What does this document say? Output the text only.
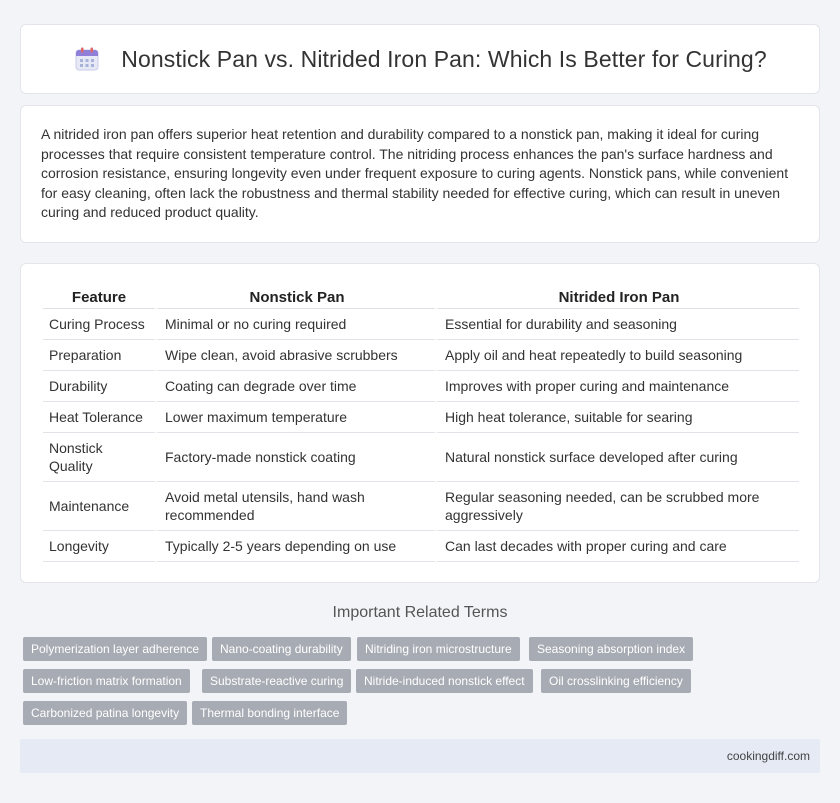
Nonstick Pan vs. Nitrided Iron Pan: Which Is Better for Curing?

A nitrided iron pan offers superior heat retention and durability compared to a nonstick pan, making it ideal for curing processes that require consistent temperature control. The nitriding process enhances the pan's surface hardness and corrosion resistance, ensuring longevity even under frequent exposure to curing agents. Nonstick pans, while convenient for easy cleaning, often lack the robustness and thermal stability needed for effective curing, which can result in uneven curing and reduced product quality.

Feature	Nonstick Pan	Nitrided Iron Pan
Curing Process	Minimal or no curing required	Essential for durability and seasoning
Preparation	Wipe clean, avoid abrasive scrubbers	Apply oil and heat repeatedly to build seasoning
Durability	Coating can degrade over time	Improves with proper curing and maintenance
Heat Tolerance	Lower maximum temperature	High heat tolerance, suitable for searing
Nonstick Quality	Factory-made nonstick coating	Natural nonstick surface developed after curing
Maintenance	Avoid metal utensils, hand wash recommended	Regular seasoning needed, can be scrubbed more aggressively
Longevity	Typically 2-5 years depending on use	Can last decades with proper curing and care
Important Related Terms
Polymerization layer adherence	Nano-coating durability	Nitriding iron microstructure	Seasoning absorption index
Low-friction matrix formation	Substrate-reactive curing	Nitride-induced nonstick effect	Oil crosslinking efficiency
Carbonized patina longevity	Thermal bonding interface
cookingdiff.com
